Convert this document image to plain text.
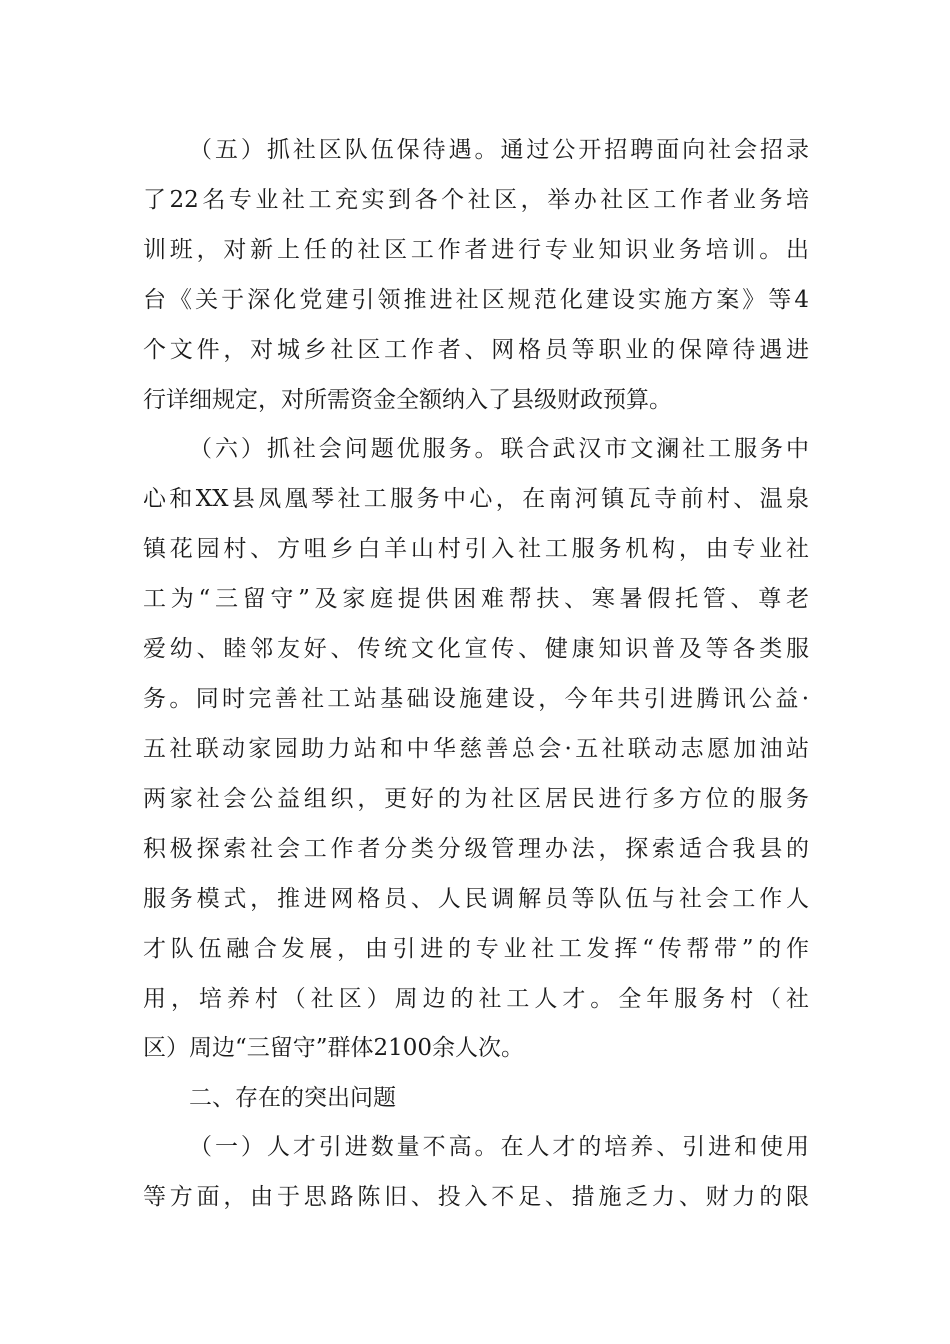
（五）抓社区队伍保待遇。通过公开招聘面向社会招录
了22名专业社工充实到各个社区，举办社区工作者业务培
训班，对新上任的社区工作者进行专业知识业务培训。出
台《关于深化党建引领推进社区规范化建设实施方案》等4
个文件，对城乡社区工作者、网格员等职业的保障待遇进
行详细规定，对所需资金全额纳入了县级财政预算。
（六）抓社会问题优服务。联合武汉市文澜社工服务中
心和XX县凤凰琴社工服务中心，在南河镇瓦寺前村、温泉
镇花园村、方咀乡白羊山村引入社工服务机构，由专业社
工为“三留守”及家庭提供困难帮扶、寒暑假托管、尊老
爱幼、睦邻友好、传统文化宣传、健康知识普及等各类服
务。同时完善社工站基础设施建设，今年共引进腾讯公益·
五社联动家园助力站和中华慈善总会·五社联动志愿加油站
两家社会公益组织，更好的为社区居民进行多方位的服务
积极探索社会工作者分类分级管理办法，探索适合我县的
服务模式，推进网格员、人民调解员等队伍与社会工作人
才队伍融合发展，由引进的专业社工发挥“传帮带”的作
用，培养村（社区）周边的社工人才。全年服务村（社
区）周边“三留守”群体2100余人次。
二、存在的突出问题
（一）人才引进数量不高。在人才的培养、引进和使用
等方面，由于思路陈旧、投入不足、措施乏力、财力的限
